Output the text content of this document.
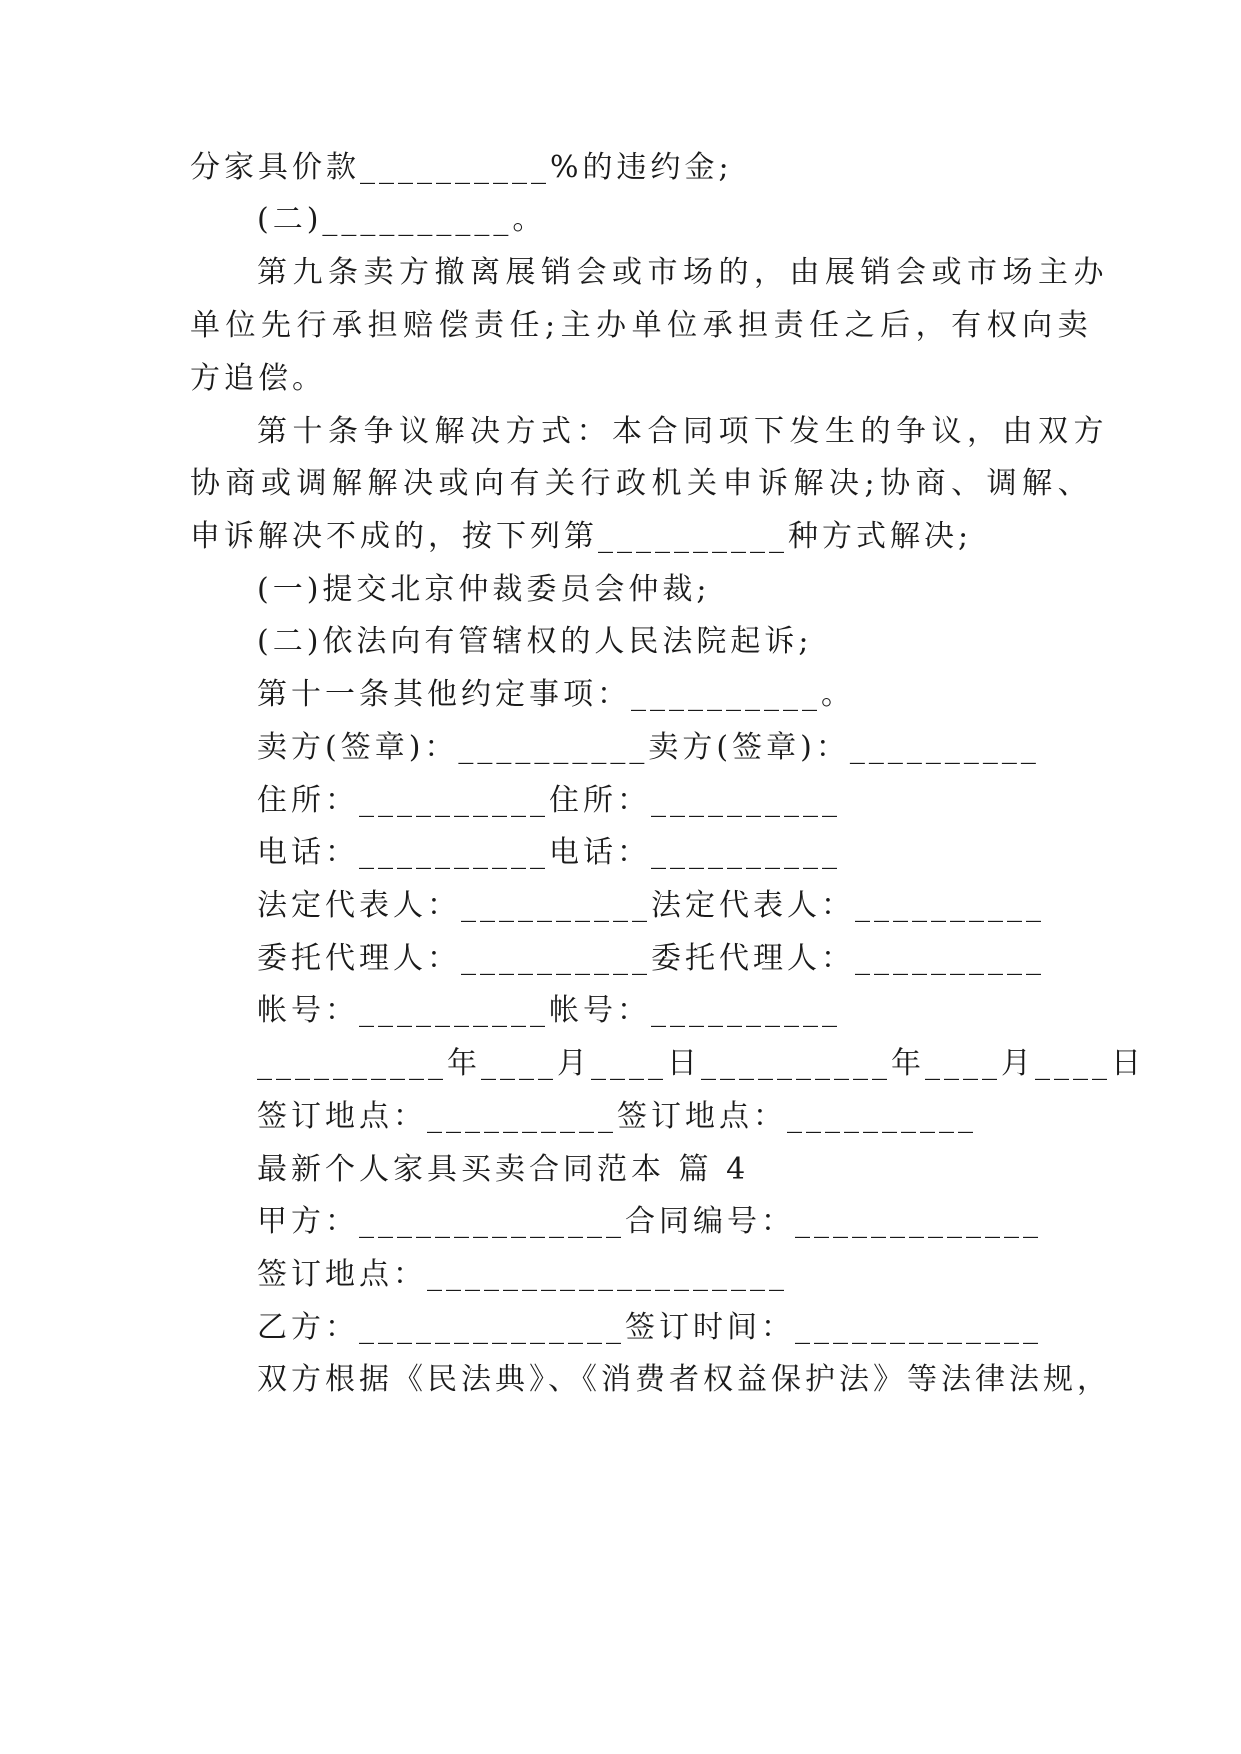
分家具价款__________%的违约金;
(二)__________。
第九条卖方撤离展销会或市场的，由展销会或市场主办
单位先行承担赔偿责任;主办单位承担责任之后，有权向卖
方追偿。
第十条争议解决方式：本合同项下发生的争议，由双方
协商或调解解决或向有关行政机关申诉解决;协商、调解、
申诉解决不成的，按下列第__________种方式解决;
(一)提交北京仲裁委员会仲裁;
(二)依法向有管辖权的人民法院起诉;
第十一条其他约定事项：__________。
卖方(签章)：__________卖方(签章)：__________
住所：__________住所：__________
电话：__________电话：__________
法定代表人：__________法定代表人：__________
委托代理人：__________委托代理人：__________
帐号：__________帐号：__________
__________年____月____日__________年____月____日
签订地点：__________签订地点：__________
最新个人家具买卖合同范本 篇 4
甲方：______________合同编号：_____________
签订地点：___________________
乙方：______________签订时间：_____________
双方根据《民法典》、《消费者权益保护法》等法律法规，
